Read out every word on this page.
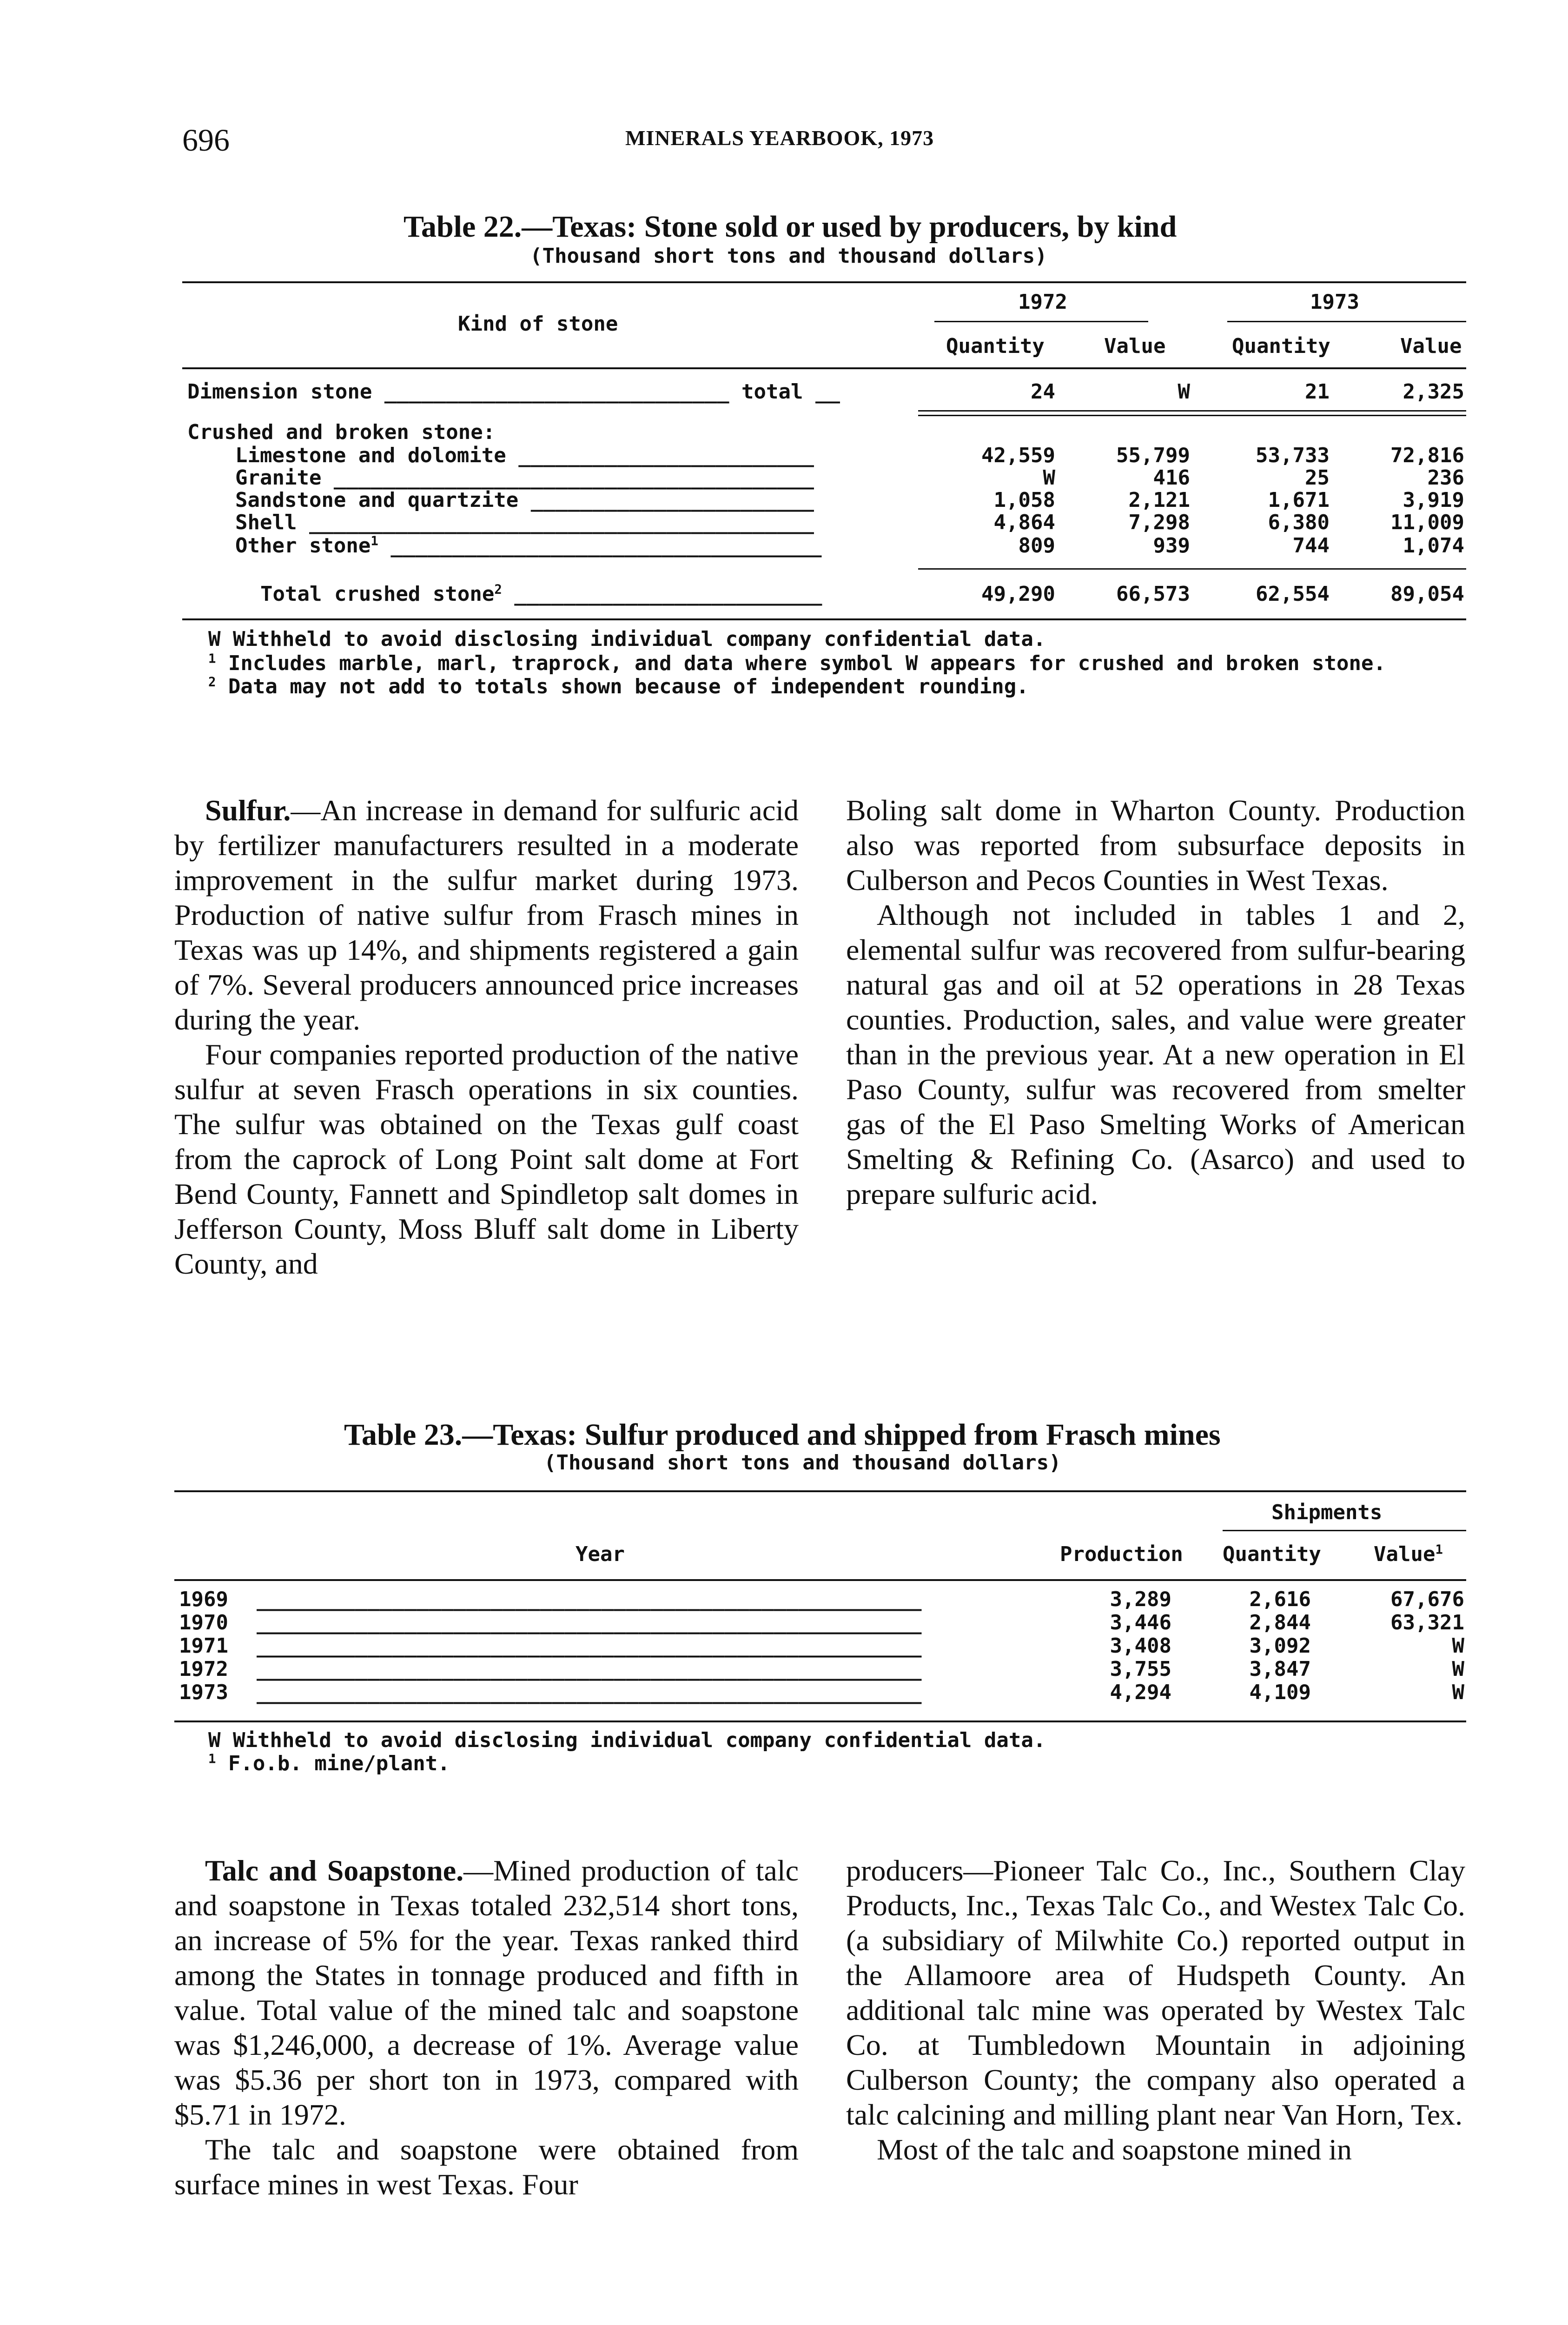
696	MINERALS YEARBOOK, 1973
Table 22.—Texas: Stone sold or used by producers, by kind
(Thousand short tons and thousand dollars)
Kind of stone
1972	1973
Quantity	Value	Quantity	Value
Dimension stone ____________________________ total __	24	W	21	2,325
Crushed and broken stone:
Limestone and dolomite ________________________	42,559	55,799	53,733	72,816
Granite _______________________________________	W	416	25	236
Sandstone and quartzite _______________________	1,058	2,121	1,671	3,919
Shell _________________________________________	4,864	7,298	6,380	11,009
Other stone$^1$ ___________________________________	809	939	744	1,074
Total crushed stone$^2$ _________________________	49,290	66,573	62,554	89,054
W Withheld to avoid disclosing individual company confidential data.
$^1$ Includes marble, marl, traprock, and data where symbol W appears for crushed and broken stone.
$^2$ Data may not add to totals shown because of independent rounding.

Sulfur.—An increase in demand for sulfuric acid by fertilizer manufacturers resulted in a moderate improvement in the sulfur market during 1973. Production of native sulfur from Frasch mines in Texas was up 14%, and shipments registered a gain of 7%. Several producers announced price increases during the year.

Four companies reported production of the native sulfur at seven Frasch operations in six counties. The sulfur was obtained on the Texas gulf coast from the caprock of Long Point salt dome at Fort Bend County, Fannett and Spindletop salt domes in Jefferson County, Moss Bluff salt dome in Liberty County, and

Boling salt dome in Wharton County. Production also was reported from subsurface deposits in Culberson and Pecos Counties in West Texas.

Although not included in tables 1 and 2, elemental sulfur was recovered from sulfur-bearing natural gas and oil at 52 operations in 28 Texas counties. Production, sales, and value were greater than in the previous year. At a new operation in El Paso County, sulfur was recovered from smelter gas of the El Paso Smelting Works of American Smelting & Refining Co. (Asarco) and used to prepare sulfuric acid.

Table 23.—Texas: Sulfur produced and shipped from Frasch mines
(Thousand short tons and thousand dollars)
Year	Production
Shipments
Quantity	Value$^1$
1969 ______________________________________________________	3,289	2,616	67,676
1970 ______________________________________________________	3,446	2,844	63,321
1971 ______________________________________________________	3,408	3,092	W
1972 ______________________________________________________	3,755	3,847	W
1973 ______________________________________________________	4,294	4,109	W
W Withheld to avoid disclosing individual company confidential data.
$^1$ F.o.b. mine/plant.

Talc and Soapstone.—Mined production of talc and soapstone in Texas totaled 232,514 short tons, an increase of 5% for the year. Texas ranked third among the States in tonnage produced and fifth in value. Total value of the mined talc and soapstone was $1,246,000, a decrease of 1%. Average value was $5.36 per short ton in 1973, compared with $5.71 in 1972.

The talc and soapstone were obtained from surface mines in west Texas. Four

producers—Pioneer Talc Co., Inc., Southern Clay Products, Inc., Texas Talc Co., and Westex Talc Co. (a subsidiary of Milwhite Co.) reported output in the Allamoore area of Hudspeth County. An additional talc mine was operated by Westex Talc Co. at Tumbledown Mountain in adjoining Culberson County; the company also operated a talc calcining and milling plant near Van Horn, Tex.

Most of the talc and soapstone mined in
